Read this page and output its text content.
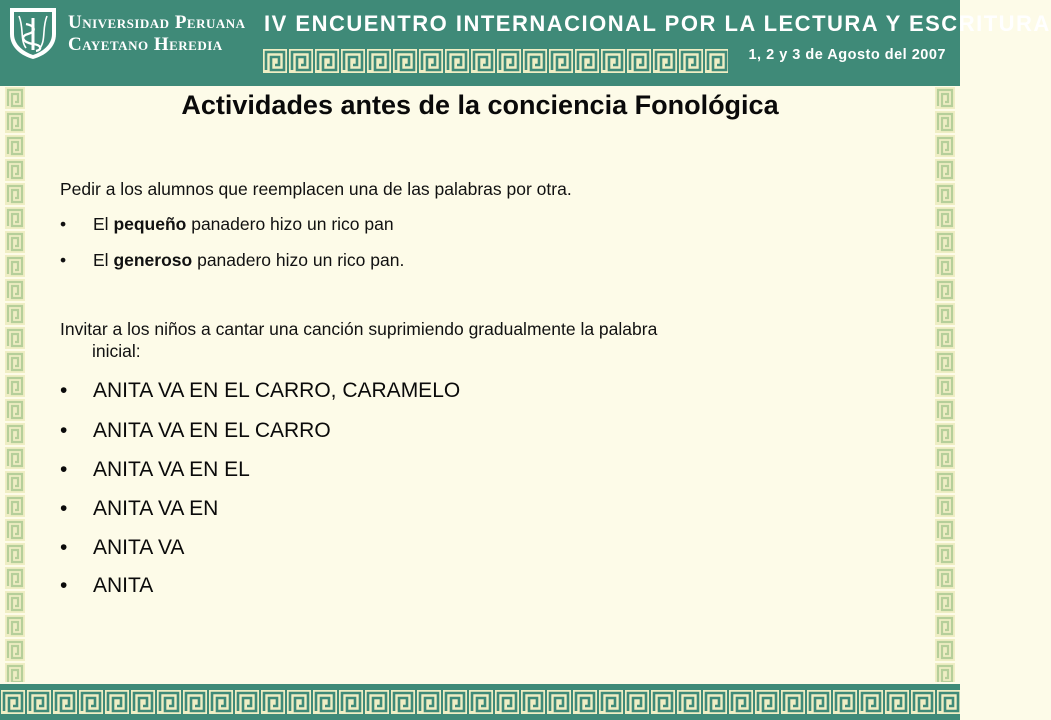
Universidad Peruana
Cayetano Heredia
IV ENCUENTRO INTERNACIONAL POR LA LECTURA Y ESCRITURA
1, 2 y 3 de Agosto del 2007
Actividades antes de la conciencia Fonológica

Pedir a los alumnos que reemplacen una de las palabras por otra.

• El pequeño panadero hizo un rico pan

• El generoso panadero hizo un rico pan.

Invitar a los niños a cantar una canción suprimiendo gradualmente la palabra
inicial:

• ANITA VA EN EL CARRO, CARAMELO

• ANITA VA EN EL CARRO

• ANITA VA EN EL

• ANITA VA EN

• ANITA VA

• ANITA
